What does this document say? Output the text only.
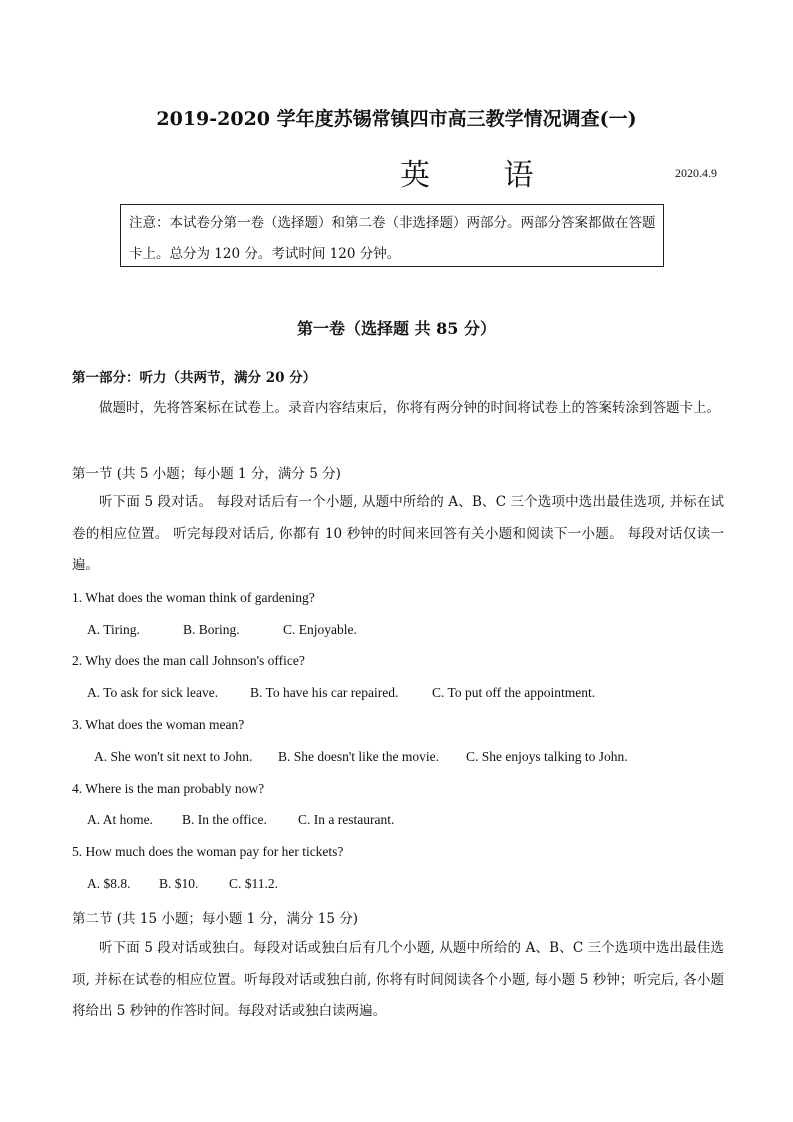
2019-2020 学年度苏锡常镇四市高三教学情况调查(一)
英 语	2020.4.9
注意：本试卷分第一卷（选择题）和第二卷（非选择题）两部分。两部分答案都做在答题卡上。总分为 120 分。考试时间 120 分钟。
第一卷（选择题 共 85 分）
第一部分：听力（共两节，满分 20 分）
做题时，先将答案标在试卷上。录音内容结束后，你将有两分钟的时间将试卷上的答案转涂到答题卡上。
第一节 (共 5 小题；每小题 1 分，满分 5 分)
听下面 5 段对话。 每段对话后有一个小题, 从题中所给的 A、B、C 三个选项中选出最佳选项, 并标在试卷的相应位置。 听完每段对话后, 你都有 10 秒钟的时间来回答有关小题和阅读下一小题。 每段对话仅读一遍。
1. What does the woman think of gardening?
A. Tiring.	B. Boring.	C. Enjoyable.
2. Why does the man call Johnson's office?
A. To ask for sick leave. B. To have his car repaired. C. To put off the appointment.
3. What does the woman mean?
A. She won't sit next to John. B. She doesn't like the movie. C. She enjoys talking to John.
4. Where is the man probably now?
A. At home. B. In the office. C. In a restaurant.
5. How much does the woman pay for her tickets?
A. $8.8. B. $10. C. $11.2.
第二节 (共 15 小题；每小题 1 分，满分 15 分)
听下面 5 段对话或独白。每段对话或独白后有几个小题, 从题中所给的 A、B、C 三个选项中选出最佳选项, 并标在试卷的相应位置。听每段对话或独白前, 你将有时间阅读各个小题, 每小题 5 秒钟；听完后, 各小题将给出 5 秒钟的作答时间。每段对话或独白读两遍。
